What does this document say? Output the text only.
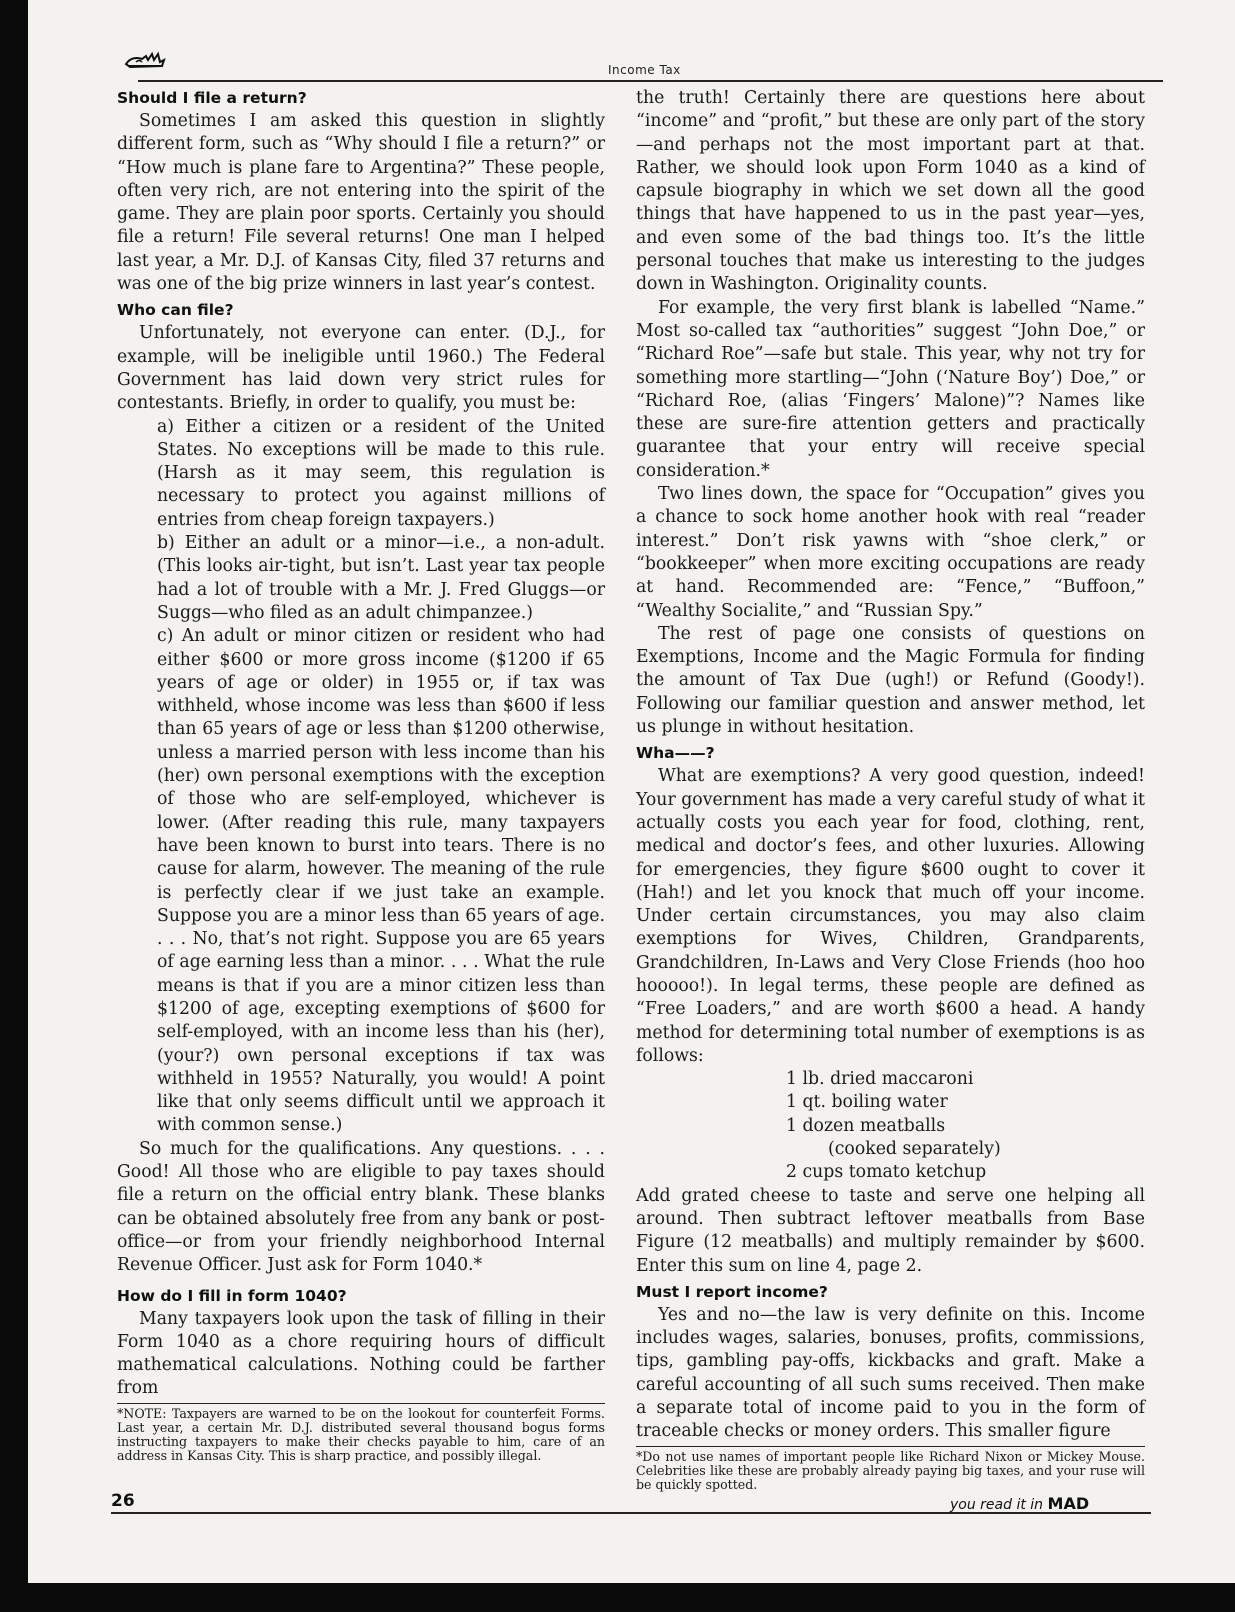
Income Tax
Should I file a return?

Sometimes I am asked this question in slightly different form, such as “Why should I file a return?” or “How much is plane fare to Argentina?” These people, often very rich, are not entering into the spirit of the game. They are plain poor sports. Certainly you should file a return! File several returns! One man I helped last year, a Mr. D.J. of Kansas City, filed 37 returns and was one of the big prize winners in last year’s contest.

Who can file?

Unfortunately, not everyone can enter. (D.J., for example, will be ineligible until 1960.) The Federal Government has laid down very strict rules for contestants. Briefly, in order to qualify, you must be:

a) Either a citizen or a resident of the United States. No exceptions will be made to this rule. (Harsh as it may seem, this regulation is necessary to protect you against millions of entries from cheap foreign taxpayers.)

b) Either an adult or a minor—i.e., a non-adult. (This looks air-tight, but isn’t. Last year tax people had a lot of trouble with a Mr. J. Fred Gluggs—or Suggs—who filed as an adult chimpanzee.)

c) An adult or minor citizen or resident who had either $600 or more gross income ($1200 if 65 years of age or older) in 1955 or, if tax was withheld, whose income was less than $600 if less than 65 years of age or less than $1200 otherwise, unless a married person with less income than his (her) own personal exemptions with the exception of those who are self-employed, whichever is lower. (After reading this rule, many taxpayers have been known to burst into tears. There is no cause for alarm, however. The meaning of the rule is perfectly clear if we just take an example. Suppose you are a minor less than 65 years of age. . . . No, that’s not right. Suppose you are 65 years of age earning less than a minor. . . . What the rule means is that if you are a minor citizen less than $1200 of age, excepting exemptions of $600 for self-employed, with an income less than his (her), (your?) own personal exceptions if tax was withheld in 1955? Naturally, you would! A point like that only seems difficult until we approach it with common sense.)

So much for the qualifications. Any questions. . . . Good! All those who are eligible to pay taxes should file a return on the official entry blank. These blanks can be obtained absolutely free from any bank or post-office—or from your friendly neighborhood Internal Revenue Officer. Just ask for Form 1040.*

How do I fill in form 1040?

Many taxpayers look upon the task of filling in their Form 1040 as a chore requiring hours of difficult mathematical calculations. Nothing could be farther from

*NOTE: Taxpayers are warned to be on the lookout for counterfeit Forms. Last year, a certain Mr. D.J. distributed several thousand bogus forms instructing taxpayers to make their checks payable to him, care of an address in Kansas City. This is sharp practice, and possibly illegal.

the truth! Certainly there are questions here about “income” and “profit,” but these are only part of the story—and perhaps not the most important part at that. Rather, we should look upon Form 1040 as a kind of capsule biography in which we set down all the good things that have happened to us in the past year—yes, and even some of the bad things too. It’s the little personal touches that make us interesting to the judges down in Washington. Originality counts.

For example, the very first blank is labelled “Name.” Most so-called tax “authorities” suggest “John Doe,” or “Richard Roe”—safe but stale. This year, why not try for something more startling—“John (‘Nature Boy’) Doe,” or “Richard Roe, (alias ‘Fingers’ Malone)”? Names like these are sure-fire attention getters and practically guarantee that your entry will receive special consideration.*

Two lines down, the space for “Occupation” gives you a chance to sock home another hook with real “reader interest.” Don’t risk yawns with “shoe clerk,” or “bookkeeper” when more exciting occupations are ready at hand. Recommended are: “Fence,” “Buffoon,” “Wealthy Socialite,” and “Russian Spy.”

The rest of page one consists of questions on Exemptions, Income and the Magic Formula for finding the amount of Tax Due (ugh!) or Refund (Goody!). Following our familiar question and answer method, let us plunge in without hesitation.

Wha——?

What are exemptions? A very good question, indeed! Your government has made a very careful study of what it actually costs you each year for food, clothing, rent, medical and doctor’s fees, and other luxuries. Allowing for emergencies, they figure $600 ought to cover it (Hah!) and let you knock that much off your income. Under certain circumstances, you may also claim exemptions for Wives, Children, Grandparents, Grandchildren, In-Laws and Very Close Friends (hoo hoo hooooo!). In legal terms, these people are defined as “Free Loaders,” and are worth $600 a head. A handy method for determining total number of exemptions is as follows:

1 lb. dried maccaroni
1 qt. boiling water
1 dozen meatballs
(cooked separately)
2 cups tomato ketchup

Add grated cheese to taste and serve one helping all around. Then subtract leftover meatballs from Base Figure (12 meatballs) and multiply remainder by $600. Enter this sum on line 4, page 2.

Must I report income?

Yes and no—the law is very definite on this. Income includes wages, salaries, bonuses, profits, commissions, tips, gambling pay-offs, kickbacks and graft. Make a careful accounting of all such sums received. Then make a separate total of income paid to you in the form of traceable checks or money orders. This smaller figure

*Do not use names of important people like Richard Nixon or Mickey Mouse. Celebrities like these are probably already paying big taxes, and your ruse will be quickly spotted.
26	you read it in MAD
